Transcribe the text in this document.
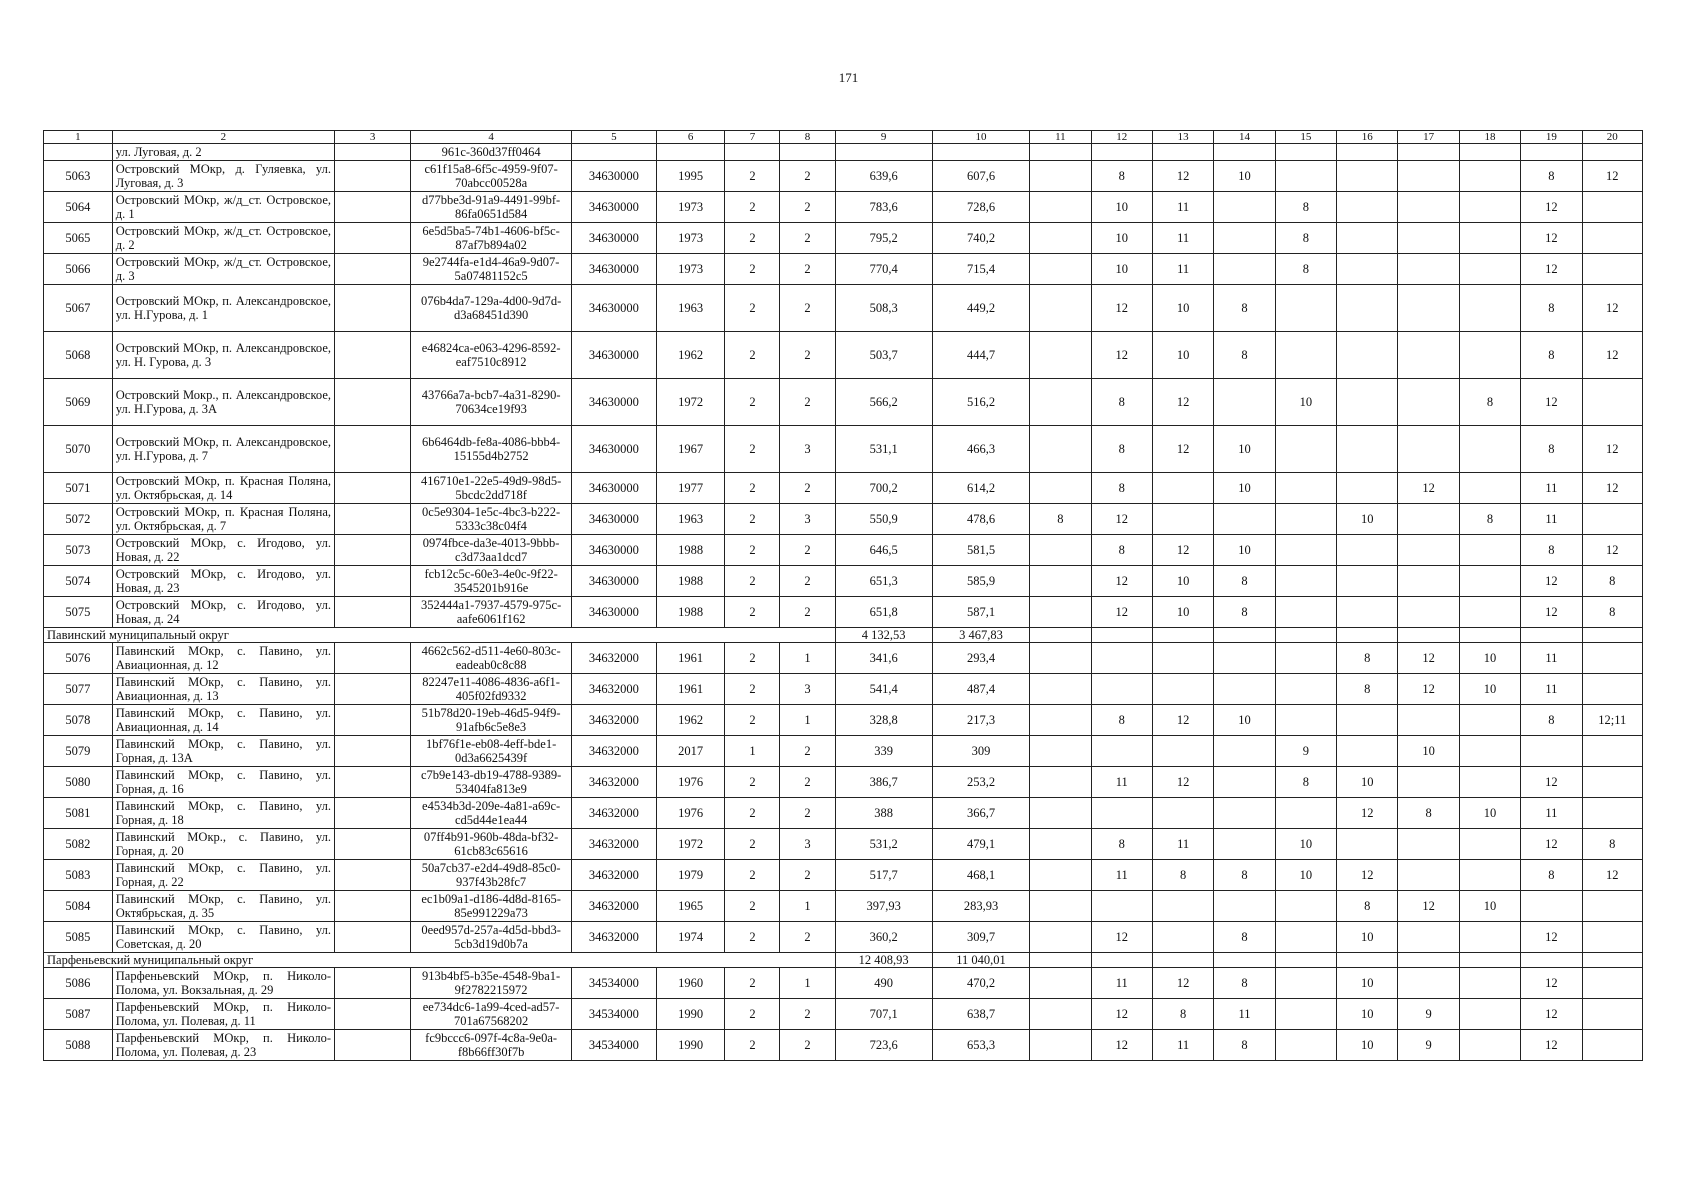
171
1	2	3	4	5	6	7	8	9	10	11	12	13	14	15	16	17	18	19	20
	ул. Луговая, д. 2		961c-360d37ff0464																
5063	Островский МОкр, д. Гуляевка, ул. Луговая, д. 3		c61f15a8-6f5c-4959-9f07-70abcc00528a	34630000	1995	2	2	639,6	607,6		8	12	10					8	12
5064	Островский МОкр, ж/д_ст. Островское, д. 1		d77bbe3d-91a9-4491-99bf-86fa0651d584	34630000	1973	2	2	783,6	728,6		10	11		8				12	
5065	Островский МОкр, ж/д_ст. Островское, д. 2		6e5d5ba5-74b1-4606-bf5c-87af7b894a02	34630000	1973	2	2	795,2	740,2		10	11		8				12	
5066	Островский МОкр, ж/д_ст. Островское, д. 3		9e2744fa-e1d4-46a9-9d07-5a07481152c5	34630000	1973	2	2	770,4	715,4		10	11		8				12	
5067	Островский МОкр, п. Александровское, ул. Н.Гурова, д. 1		076b4da7-129a-4d00-9d7d-d3a68451d390	34630000	1963	2	2	508,3	449,2		12	10	8					8	12
5068	Островский МОкр, п. Александровское, ул. Н. Гурова, д. 3		e46824ca-e063-4296-8592-eaf7510c8912	34630000	1962	2	2	503,7	444,7		12	10	8					8	12
5069	Островский Мокр., п. Александровское, ул. Н.Гурова, д. 3А		43766a7a-bcb7-4a31-8290-70634ce19f93	34630000	1972	2	2	566,2	516,2		8	12		10			8	12	
5070	Островский МОкр, п. Александровское, ул. Н.Гурова, д. 7		6b6464db-fe8a-4086-bbb4-15155d4b2752	34630000	1967	2	3	531,1	466,3		8	12	10					8	12
5071	Островский МОкр, п. Красная Поляна, ул. Октябрьская, д. 14		416710e1-22e5-49d9-98d5-5bcdc2dd718f	34630000	1977	2	2	700,2	614,2		8		10			12		11	12
5072	Островский МОкр, п. Красная Поляна, ул. Октябрьская, д. 7		0c5e9304-1e5c-4bc3-b222-5333c38c04f4	34630000	1963	2	3	550,9	478,6	8	12				10		8	11	
5073	Островский МОкр, с. Игодово, ул. Новая, д. 22		0974fbce-da3e-4013-9bbb-c3d73aa1dcd7	34630000	1988	2	2	646,5	581,5		8	12	10					8	12
5074	Островский МОкр, с. Игодово, ул. Новая, д. 23		fcb12c5c-60e3-4e0c-9f22-3545201b916e	34630000	1988	2	2	651,3	585,9		12	10	8					12	8
5075	Островский МОкр, с. Игодово, ул. Новая, д. 24		352444a1-7937-4579-975c-aafe6061f162	34630000	1988	2	2	651,8	587,1		12	10	8					12	8
Павинский муниципальный округ								4 132,53	3 467,83										
5076	Павинский МОкр, с. Павино, ул. Авиационная, д. 12		4662c562-d511-4e60-803c-eadeab0c8c88	34632000	1961	2	1	341,6	293,4						8	12	10	11	
5077	Павинский МОкр, с. Павино, ул. Авиационная, д. 13		82247e11-4086-4836-a6f1-405f02fd9332	34632000	1961	2	3	541,4	487,4						8	12	10	11	
5078	Павинский МОкр, с. Павино, ул. Авиационная, д. 14		51b78d20-19eb-46d5-94f9-91afb6c5e8e3	34632000	1962	2	1	328,8	217,3		8	12	10					8	12;11
5079	Павинский МОкр, с. Павино, ул. Горная, д. 13А		1bf76f1e-eb08-4eff-bde1-0d3a6625439f	34632000	2017	1	2	339	309					9		10			
5080	Павинский МОкр, с. Павино, ул. Горная, д. 16		c7b9e143-db19-4788-9389-53404fa813e9	34632000	1976	2	2	386,7	253,2		11	12		8	10			12	
5081	Павинский МОкр, с. Павино, ул. Горная, д. 18		e4534b3d-209e-4a81-a69c-cd5d44e1ea44	34632000	1976	2	2	388	366,7						12	8	10	11	
5082	Павинский МОкр., с. Павино, ул. Горная, д. 20		07ff4b91-960b-48da-bf32-61cb83c65616	34632000	1972	2	3	531,2	479,1		8	11		10				12	8
5083	Павинский МОкр, с. Павино, ул. Горная, д. 22		50a7cb37-e2d4-49d8-85c0-937f43b28fc7	34632000	1979	2	2	517,7	468,1		11	8	8	10	12			8	12
5084	Павинский МОкр, с. Павино, ул. Октябрьская, д. 35		ec1b09a1-d186-4d8d-8165-85e991229a73	34632000	1965	2	1	397,93	283,93						8	12	10		
5085	Павинский МОкр, с. Павино, ул. Советская, д. 20		0eed957d-257a-4d5d-bbd3-5cb3d19d0b7a	34632000	1974	2	2	360,2	309,7		12		8		10			12	
Парфеньевский муниципальный округ								12 408,93	11 040,01										
5086	Парфеньевский МОкр, п. Николо-Полома, ул. Вокзальная, д. 29		913b4bf5-b35e-4548-9ba1-9f2782215972	34534000	1960	2	1	490	470,2		11	12	8		10			12	
5087	Парфеньевский МОкр, п. Николо-Полома, ул. Полевая, д. 11		ee734dc6-1a99-4ced-ad57-701a67568202	34534000	1990	2	2	707,1	638,7		12	8	11		10	9		12	
5088	Парфеньевский МОкр, п. Николо-Полома, ул. Полевая, д. 23		fc9bccc6-097f-4c8a-9e0a-f8b66ff30f7b	34534000	1990	2	2	723,6	653,3		12	11	8		10	9		12	
